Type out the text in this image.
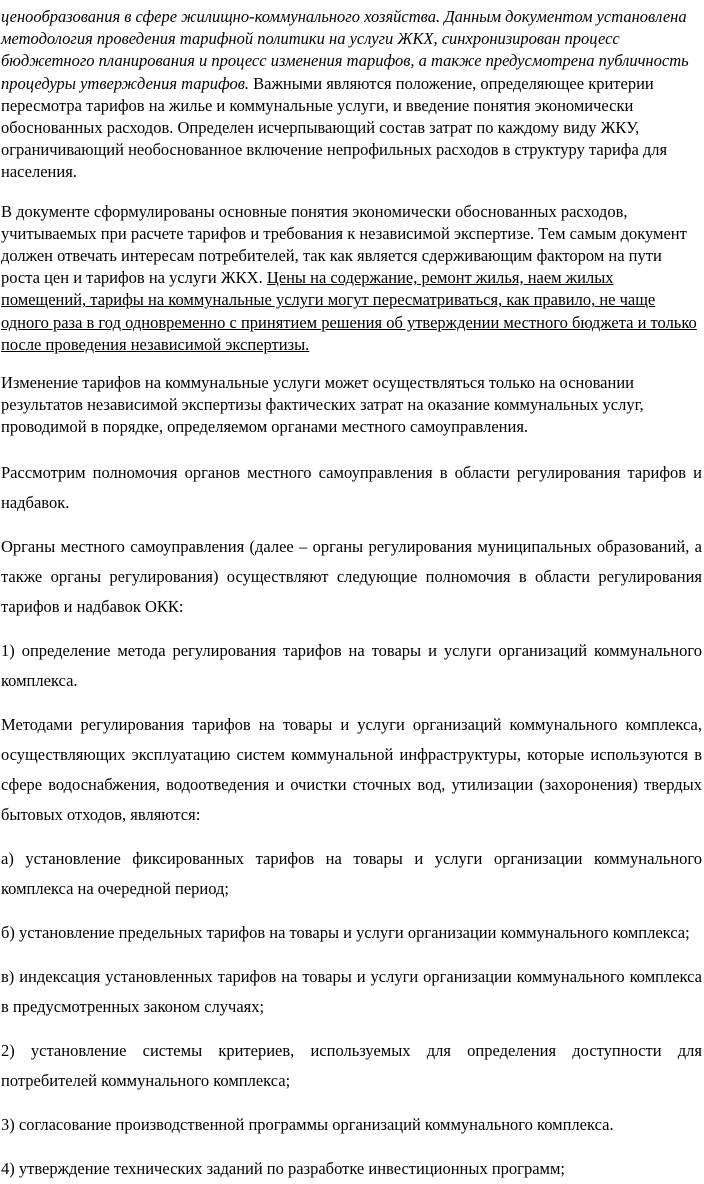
ценообразования в сфере жилищно-коммунального хозяйства. Данным документом установлена методология проведения тарифной политики на услуги ЖКХ, синхронизирован процесс бюджетного планирования и процесс изменения тарифов, а также предусмотрена публичность процедуры утверждения тарифов. Важными являются положение, определяющее критерии пересмотра тарифов на жилье и коммунальные услуги, и введение понятия экономически обоснованных расходов. Определен исчерпывающий состав затрат по каждому виду ЖКУ, ограничивающий необоснованное включение непрофильных расходов в структуру тарифа для населения.

В документе сформулированы основные понятия экономически обоснованных расходов, учитываемых при расчете тарифов и требования к независимой экспертизе. Тем самым документ должен отвечать интересам потребителей, так как является сдерживающим фактором на пути роста цен и тарифов на услуги ЖКХ. Цены на содержание, ремонт жилья, наем жилых помещений, тарифы на коммунальные услуги могут пересматриваться, как правило, не чаще одного раза в год одновременно с принятием решения об утверждении местного бюджета и только после проведения независимой экспертизы.

Изменение тарифов на коммунальные услуги может осуществляться только на основании результатов независимой экспертизы фактических затрат на оказание коммунальных услуг, проводимой в порядке, определяемом органами местного самоуправления.

Рассмотрим полномочия органов местного самоуправления в области регулирования тарифов и надбавок.

Органы местного самоуправления (далее – органы регулирования муниципальных образований, а также органы регулирования) осуществляют следующие полномочия в области регулирования тарифов и надбавок ОКК:

1) определение метода регулирования тарифов на товары и услуги организаций коммунального комплекса.

Методами регулирования тарифов на товары и услуги организаций коммунального комплекса, осуществляющих эксплуатацию систем коммунальной инфраструктуры, которые используются в сфере водоснабжения, водоотведения и очистки сточных вод, утилизации (захоронения) твердых бытовых отходов, являются:

а) установление фиксированных тарифов на товары и услуги организации коммунального комплекса на очередной период;

б) установление предельных тарифов на товары и услуги организации коммунального комплекса;

в) индексация установленных тарифов на товары и услуги организации коммунального комплекса в предусмотренных законом случаях;

2) установление системы критериев, используемых для определения доступности для потребителей коммунального комплекса;

3) согласование производственной программы организаций коммунального комплекса.

4) утверждение технических заданий по разработке инвестиционных программ;
